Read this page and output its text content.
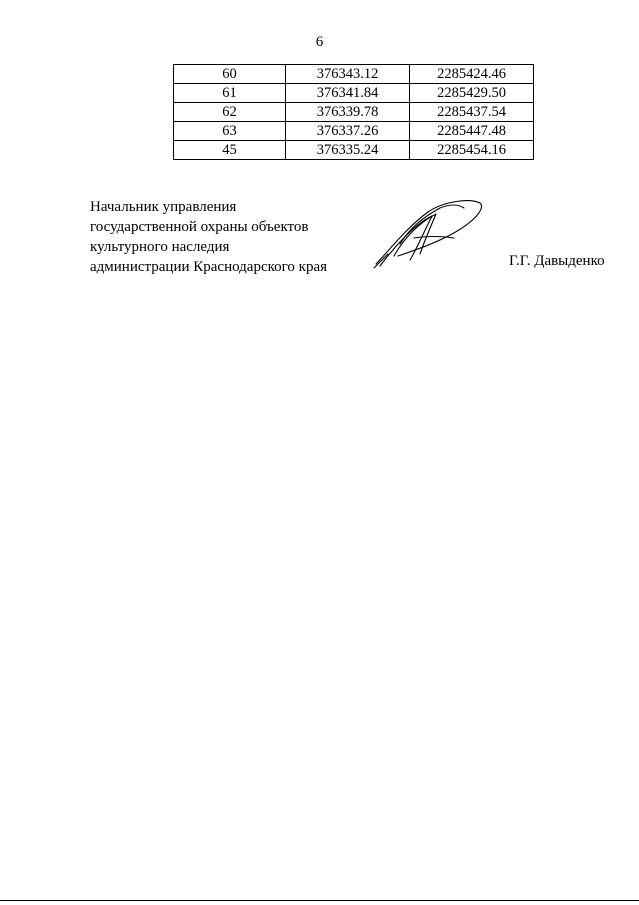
6
60	376343.12	2285424.46
61	376341.84	2285429.50
62	376339.78	2285437.54
63	376337.26	2285447.48
45	376335.24	2285454.16
Начальник управления
государственной охраны объектов
культурного наследия
администрации Краснодарского края	Г.Г. Давыденко
